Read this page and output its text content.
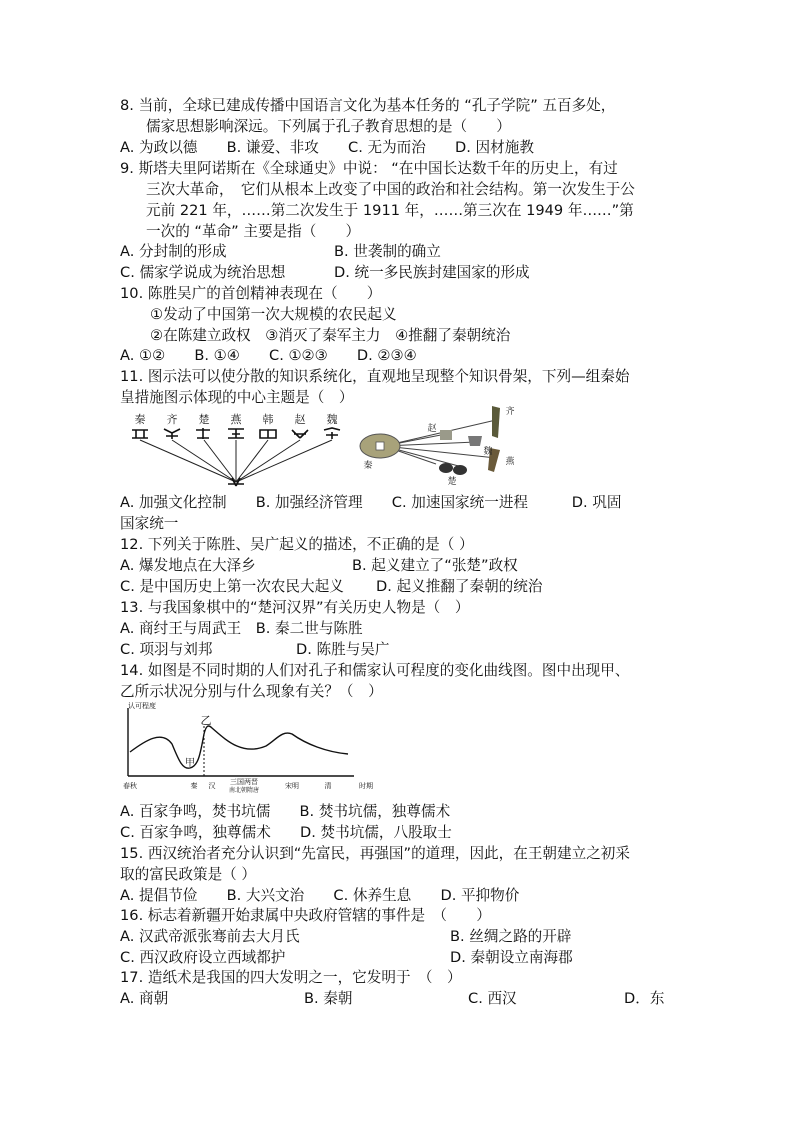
8. 当前，全球已建成传播中国语言文化为基本任务的 “孔子学院” 五百多处，
儒家思想影响深远。下列属于孔子教育思想的是（　　）
A. 为政以德　　B. 谦爱、非攻　　C. 无为而治　　D. 因材施教
9. 斯塔夫里阿诺斯在《全球通史》中说： “在中国长达数千年的历史上，有过
三次大革命，　它们从根本上改变了中国的政治和社会结构。第一次发生于公
元前 221 年，……第二次发生于 1911 年，……第三次在 1949 年……”第
一次的 “革命” 主要是指（　　）

A. 分封制的形成

	B. 世袭制的确立

C. 儒家学说成为统治思想

	D. 统一多民族封建国家的形成

10. 陈胜吴广的首创精神表现在（　　）
①发动了中国第一次大规模的农民起义
②在陈建立政权　③消灭了秦军主力　④推翻了秦朝统治
A. ①②　　B. ①④　　C. ①②③　　D. ②③④
11. 图示法可以使分散的知识系统化，直观地呈现整个知识骨架，下列—组秦始
皇措施图示体现的中心主题是（　）
秦 齐 楚 燕 韩 赵 魏
赵
齐
魏
燕
秦
楚
A. 加强文化控制　　B. 加强经济管理　　C. 加速国家统一进程　　　D. 巩固
国家统一
12. 下列关于陈胜、吴广起义的描述，不正确的是（ ）

A. 爆发地点在大泽乡

	B. 起义建立了“张楚”政权

C. 是中国历史上第一次农民大起义

D. 起义推翻了秦朝的统治

13. 与我国象棋中的“楚河汉界”有关历史人物是（　）
A. 商纣王与周武王　B. 秦二世与陈胜

C. 项羽与刘邦

	D. 陈胜与吴广

14. 如图是不同时期的人们对孔子和儒家认可程度的变化曲线图。图中出现甲、
乙所示状况分别与什么现象有关？（　）
认可程度
时期
甲
乙
春秋	秦 汉 三国两晋
南北朝隋唐
宋明	清
A. 百家争鸣，焚书坑儒　　B. 焚书坑儒，独尊儒术
C. 百家争鸣，独尊儒术　　D. 焚书坑儒，八股取士
15. 西汉统治者充分认识到“先富民，再强国”的道理，因此，在王朝建立之初采
取的富民政策是（ ）
A. 提倡节俭　　B. 大兴文治　　C. 休养生息　　D. 平抑物价
16. 标志着新疆开始隶属中央政府管辖的事件是　（　　）

A. 汉武帝派张骞前去大月氏

	B. 丝绸之路的开辟

C. 西汉政府设立西域都护

	D. 秦朝设立南海郡

17. 造纸术是我国的四大发明之一，它发明于　（　）

A. 商朝

	B. 秦朝

	C. 西汉

	D．东
